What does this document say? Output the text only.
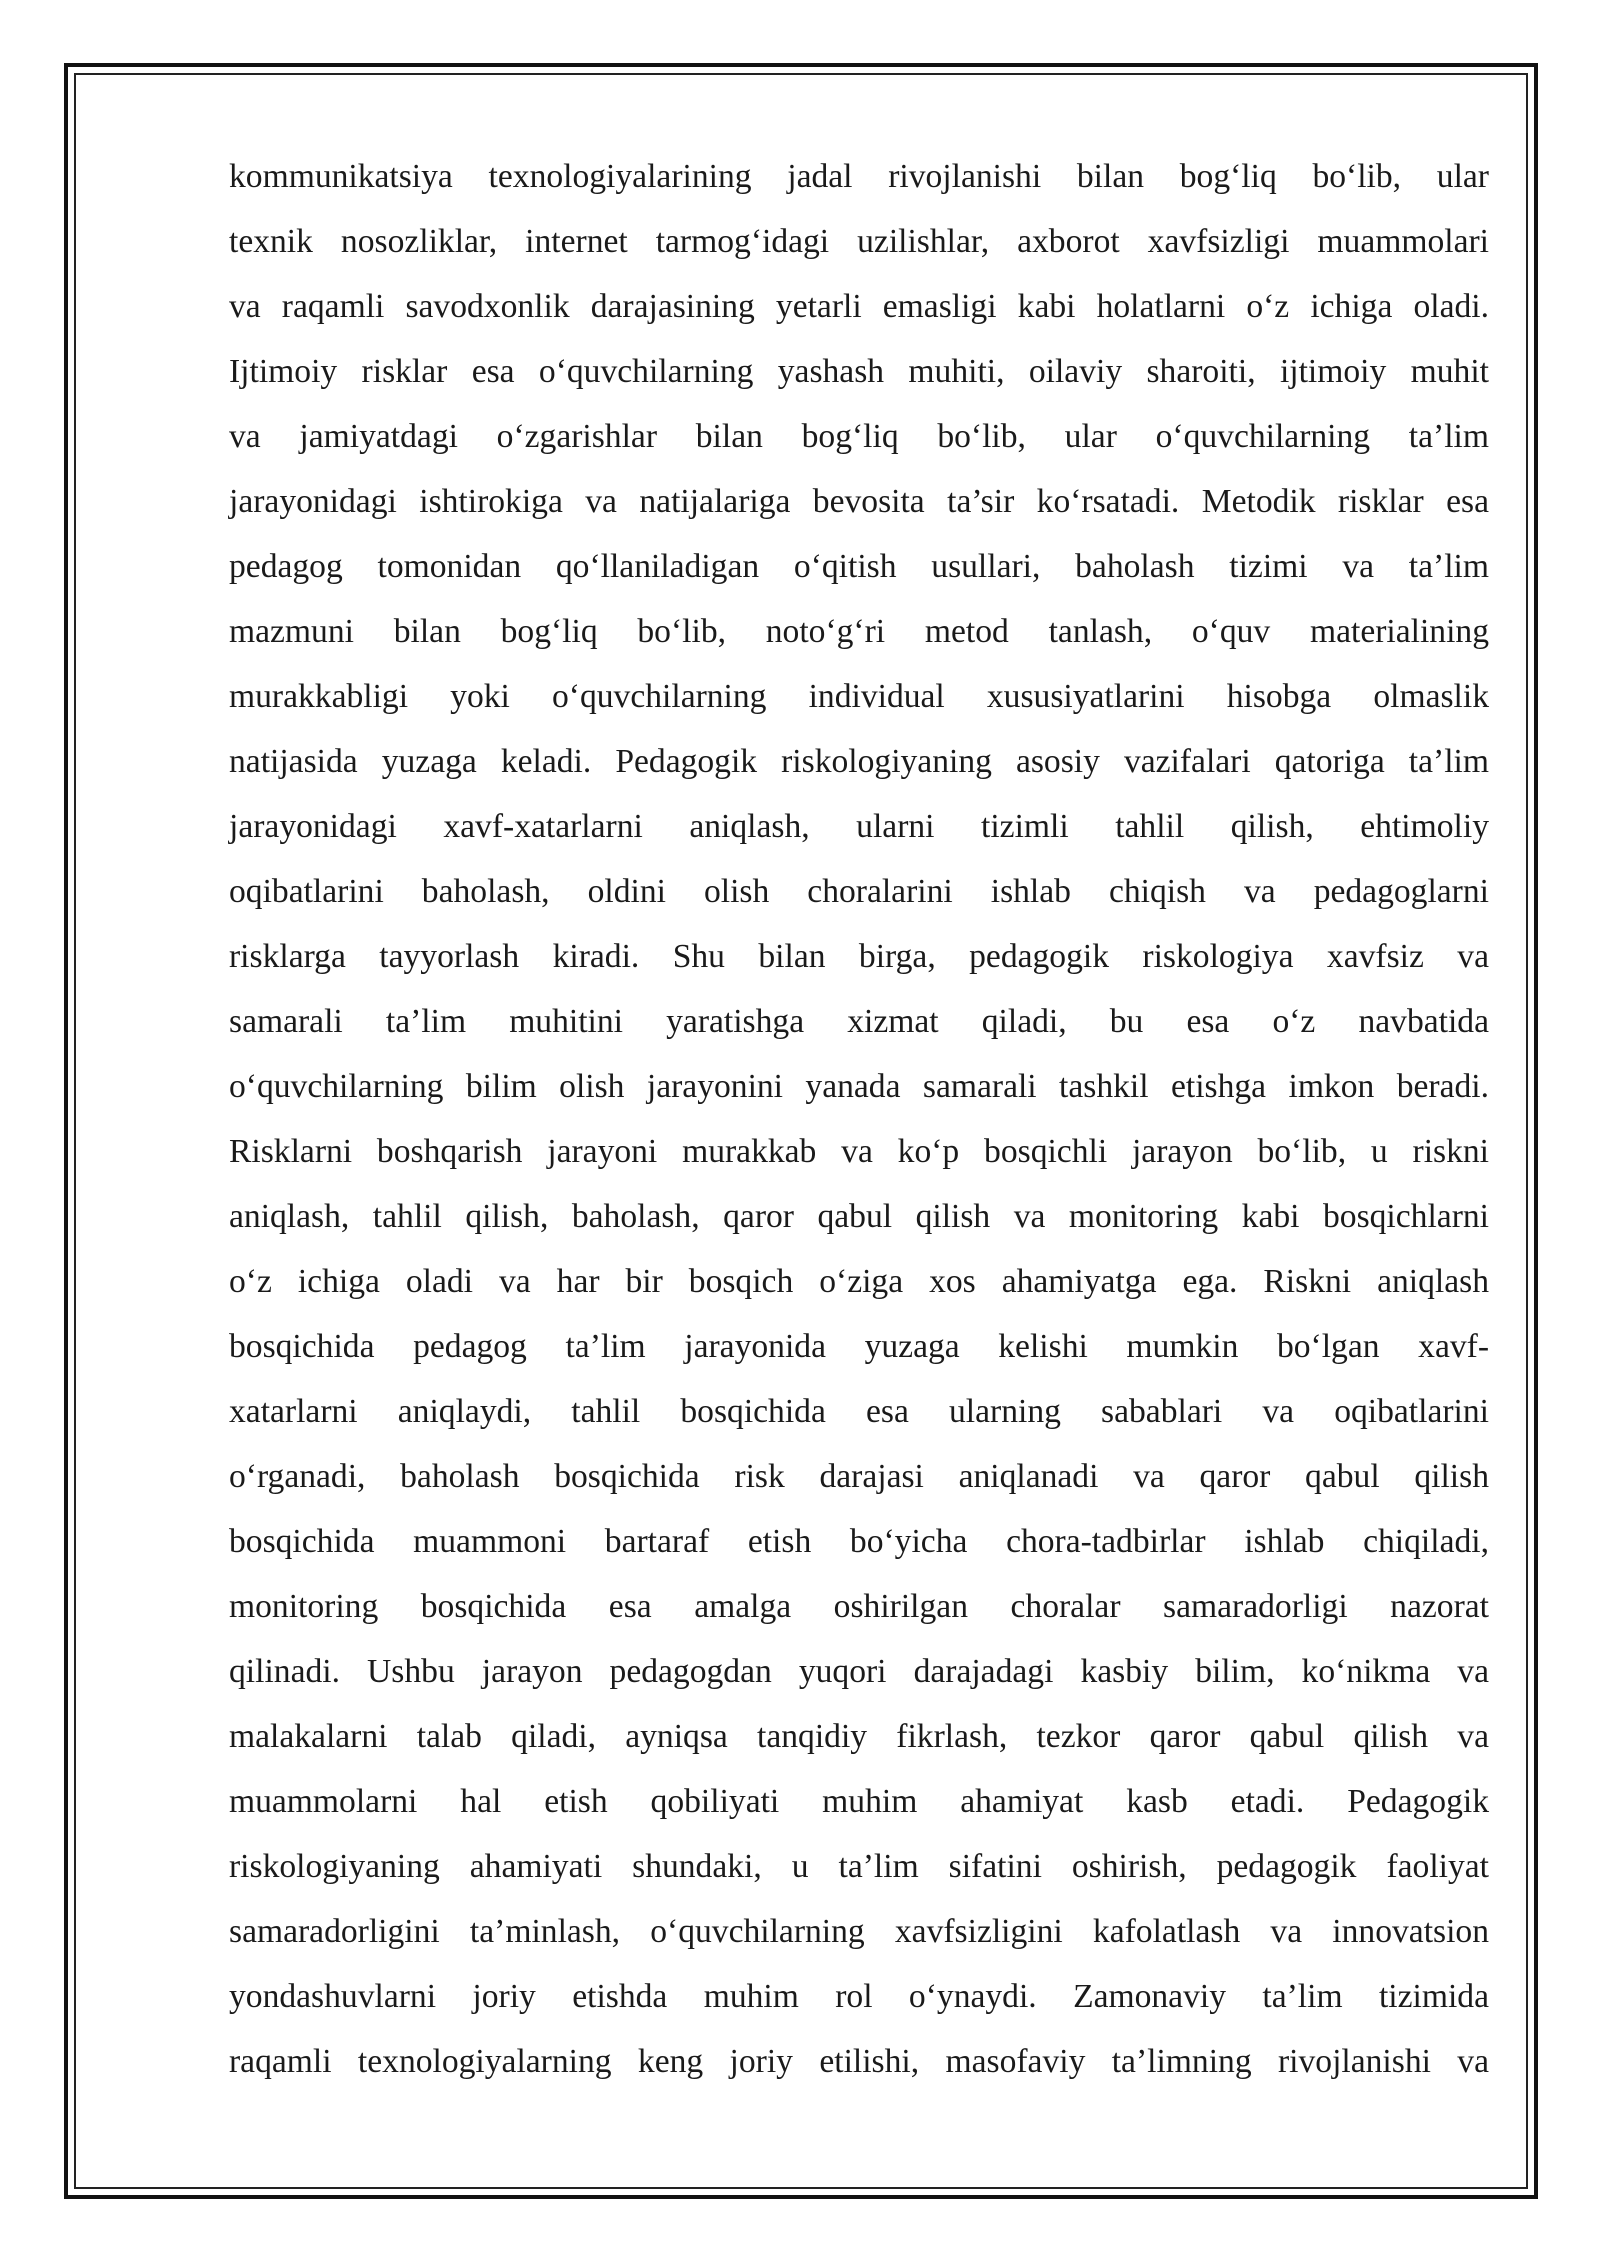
kommunikatsiya texnologiyalarining jadal rivojlanishi bilan bog‘liq bo‘lib, ular
texnik nosozliklar, internet tarmog‘idagi uzilishlar, axborot xavfsizligi muammolari
va raqamli savodxonlik darajasining yetarli emasligi kabi holatlarni o‘z ichiga oladi.
Ijtimoiy risklar esa o‘quvchilarning yashash muhiti, oilaviy sharoiti, ijtimoiy muhit
va jamiyatdagi o‘zgarishlar bilan bog‘liq bo‘lib, ular o‘quvchilarning ta’lim
jarayonidagi ishtirokiga va natijalariga bevosita ta’sir ko‘rsatadi. Metodik risklar esa
pedagog tomonidan qo‘llaniladigan o‘qitish usullari, baholash tizimi va ta’lim
mazmuni bilan bog‘liq bo‘lib, noto‘g‘ri metod tanlash, o‘quv materialining
murakkabligi yoki o‘quvchilarning individual xususiyatlarini hisobga olmaslik
natijasida yuzaga keladi. Pedagogik riskologiyaning asosiy vazifalari qatoriga ta’lim
jarayonidagi xavf-xatarlarni aniqlash, ularni tizimli tahlil qilish, ehtimoliy
oqibatlarini baholash, oldini olish choralarini ishlab chiqish va pedagoglarni
risklarga tayyorlash kiradi. Shu bilan birga, pedagogik riskologiya xavfsiz va
samarali ta’lim muhitini yaratishga xizmat qiladi, bu esa o‘z navbatida
o‘quvchilarning bilim olish jarayonini yanada samarali tashkil etishga imkon beradi.
Risklarni boshqarish jarayoni murakkab va ko‘p bosqichli jarayon bo‘lib, u riskni
aniqlash, tahlil qilish, baholash, qaror qabul qilish va monitoring kabi bosqichlarni
o‘z ichiga oladi va har bir bosqich o‘ziga xos ahamiyatga ega. Riskni aniqlash
bosqichida pedagog ta’lim jarayonida yuzaga kelishi mumkin bo‘lgan xavf-
xatarlarni aniqlaydi, tahlil bosqichida esa ularning sabablari va oqibatlarini
o‘rganadi, baholash bosqichida risk darajasi aniqlanadi va qaror qabul qilish
bosqichida muammoni bartaraf etish bo‘yicha chora-tadbirlar ishlab chiqiladi,
monitoring bosqichida esa amalga oshirilgan choralar samaradorligi nazorat
qilinadi. Ushbu jarayon pedagogdan yuqori darajadagi kasbiy bilim, ko‘nikma va
malakalarni talab qiladi, ayniqsa tanqidiy fikrlash, tezkor qaror qabul qilish va
muammolarni hal etish qobiliyati muhim ahamiyat kasb etadi. Pedagogik
riskologiyaning ahamiyati shundaki, u ta’lim sifatini oshirish, pedagogik faoliyat
samaradorligini ta’minlash, o‘quvchilarning xavfsizligini kafolatlash va innovatsion
yondashuvlarni joriy etishda muhim rol o‘ynaydi. Zamonaviy ta’lim tizimida
raqamli texnologiyalarning keng joriy etilishi, masofaviy ta’limning rivojlanishi va
